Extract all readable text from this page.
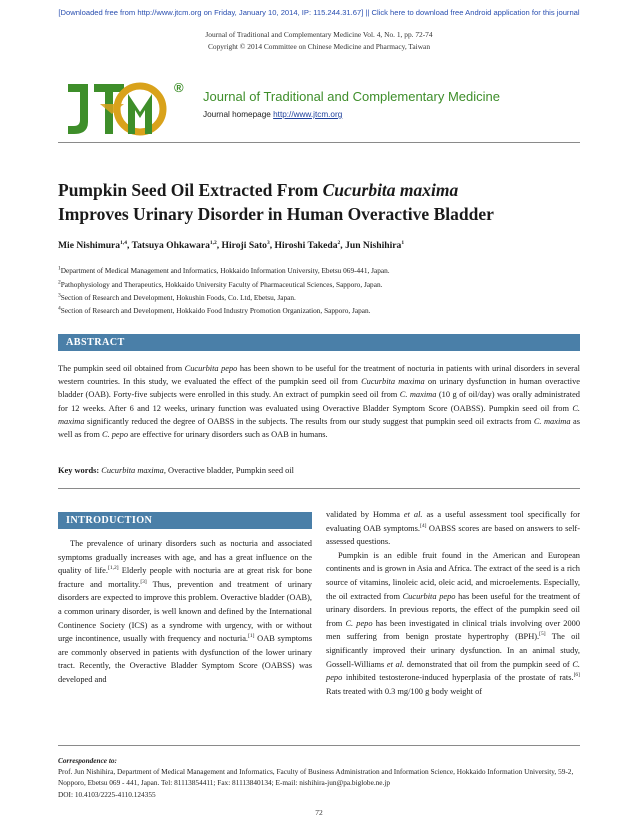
[Downloaded free from http://www.jtcm.org on Friday, January 10, 2014, IP: 115.244.31.67] || Click here to download free Android application for this journal
Journal of Traditional and Complementary Medicine Vol. 4, No. 1, pp. 72-74
Copyright © 2014 Committee on Chinese Medicine and Pharmacy, Taiwan
®
Journal of Traditional and Complementary Medicine
Journal homepage http://www.jtcm.org
Pumpkin Seed Oil Extracted From Cucurbita maxima
Improves Urinary Disorder in Human Overactive Bladder
Mie Nishimura$^{1,4}$, Tatsuya Ohkawara$^{1,2}$, Hiroji Sato$^3$, Hiroshi Takeda$^2$, Jun Nishihira$^1$
$^1$Department of Medical Management and Informatics, Hokkaido Information University, Ebetsu 069-441, Japan.
$^2$Pathophysiology and Therapeutics, Hokkaido University Faculty of Pharmaceutical Sciences, Sapporo, Japan.
$^3$Section of Research and Development, Hokushin Foods, Co. Ltd, Ebetsu, Japan.
$^4$Section of Research and Development, Hokkaido Food Industry Promotion Organization, Sapporo, Japan.
ABSTRACT
The pumpkin seed oil obtained from Cucurbita pepo has been shown to be useful for the treatment of nocturia in patients with urinal disorders in several western countries. In this study, we evaluated the effect of the pumpkin seed oil from Cucurbita maxima on urinary dysfunction in human overactive bladder (OAB). Forty-five subjects were enrolled in this study. An extract of pumpkin seed oil from C. maxima (10 g of oil/day) was orally administrated for 12 weeks. After 6 and 12 weeks, urinary function was evaluated using Overactive Bladder Symptom Score (OABSS). Pumpkin seed oil from C. maxima significantly reduced the degree of OABSS in the subjects. The results from our study suggest that pumpkin seed oil extracts from C. maxima as well as from C. pepo are effective for urinary disorders such as OAB in humans.
Key words: Cucurbita maxima, Overactive bladder, Pumpkin seed oil
INTRODUCTION

The prevalence of urinary disorders such as nocturia and associated symptoms gradually increases with age, and has a great influence on the quality of life.[1,2] Elderly people with nocturia are at great risk for bone fracture and mortality.[3] Thus, prevention and treatment of urinary disorders are expected to improve this problem. Overactive bladder (OAB), a common urinary disorder, is well known and defined by the International Continence Society (ICS) as a syndrome with urgency, with or without urge incontinence, usually with frequency and nocturia.[1] OAB symptoms are commonly observed in patients with dysfunction of the lower urinary tract. Recently, the Overactive Bladder Symptom Score (OABSS) was developed and

validated by Homma et al. as a useful assessment tool specifically for evaluating OAB symptoms.[4] OABSS scores are based on answers to self-assessed questions.

Pumpkin is an edible fruit found in the American and European continents and is grown in Asia and Africa. The extract of the seed is a rich source of vitamins, linoleic acid, oleic acid, and microelements. Especially, the oil extracted from Cucurbita pepo has been useful for the treatment of urinary disorders. In previous reports, the effect of the pumpkin seed oil from C. pepo has been investigated in clinical trials involving over 2000 men suffering from benign prostate hypertrophy (BPH).[5] The oil significantly improved their urinary dysfunction. In an animal study, Gossell-Williams et al. demonstrated that oil from the pumpkin seed of C. pepo inhibited testosterone-induced hyperplasia of the prostate of rats.[6] Rats treated with 0.3 mg/100 g body weight of

Correspondence to:
Prof. Jun Nishihira, Department of Medical Management and Informatics, Faculty of Business Administration and Information Science, Hokkaido Information University, 59-2, Nopporo, Ebetsu 069 - 441, Japan. Tel: 81113854411; Fax: 81113840134; E-mail: nishihira-jun@pa.biglobe.ne.jp
DOI: 10.4103/2225-4110.124355
72
